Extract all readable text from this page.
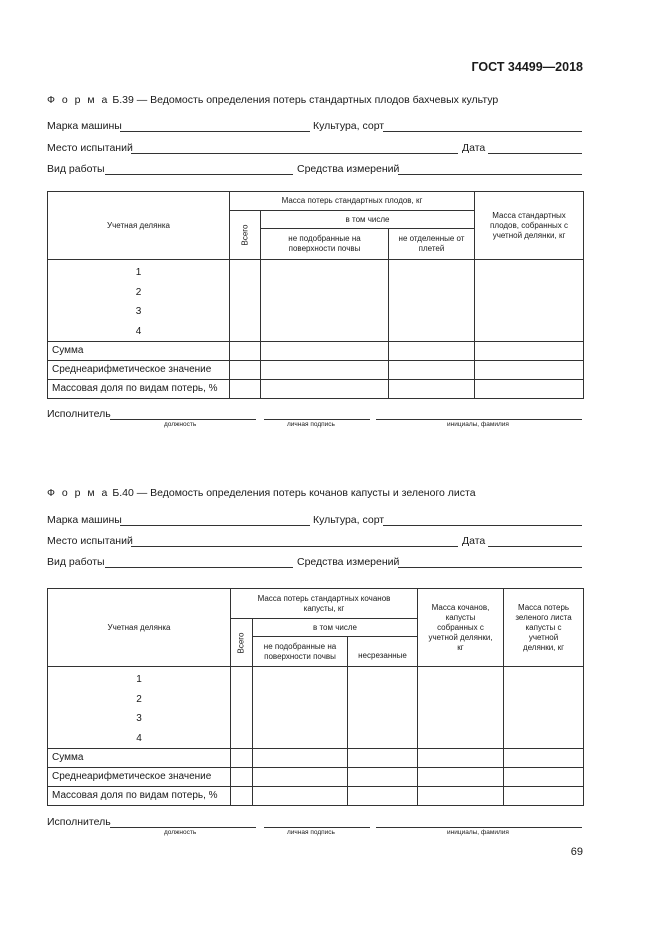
ГОСТ 34499—2018
Ф о р м а Б.39 — Ведомость определения потерь стандартных плодов бахчевых культур
Марка машины	Культура, сорт
Место испытаний	Дата
Вид работы	Средства измерений
Учетная делянка	Масса потерь стандартных плодов, кг			Масса стандартных плодов, собранных с учетной делянки, кг
	Всего	в том числе		
		не подобранные на поверхности почвы	не отделенные от плетей	

1
2
3
4				

Сумма				
Среднеарифметическое значение				
Массовая доля по видам потерь, %				
Исполнитель
должность	личная подпись	инициалы, фамилия
Ф о р м а Б.40 — Ведомость определения потерь кочанов капусты и зеленого листа
Марка машины	Культура, сорт
Место испытаний	Дата
Вид работы	Средства измерений
Учетная делянка	Масса потерь стандартных кочанов капусты, кг			Масса кочанов, капусты собранных с учетной делянки, кг	Масса потерь зеленого листа капусты с учетной делянки, кг
	Всего	в том числе			
		не подобранные на поверхности почвы	несрезанные		

1
2
3
4					

Сумма					
Среднеарифметическое значение					
Массовая доля по видам потерь, %					
Исполнитель
должность	личная подпись	инициалы, фамилия
69
